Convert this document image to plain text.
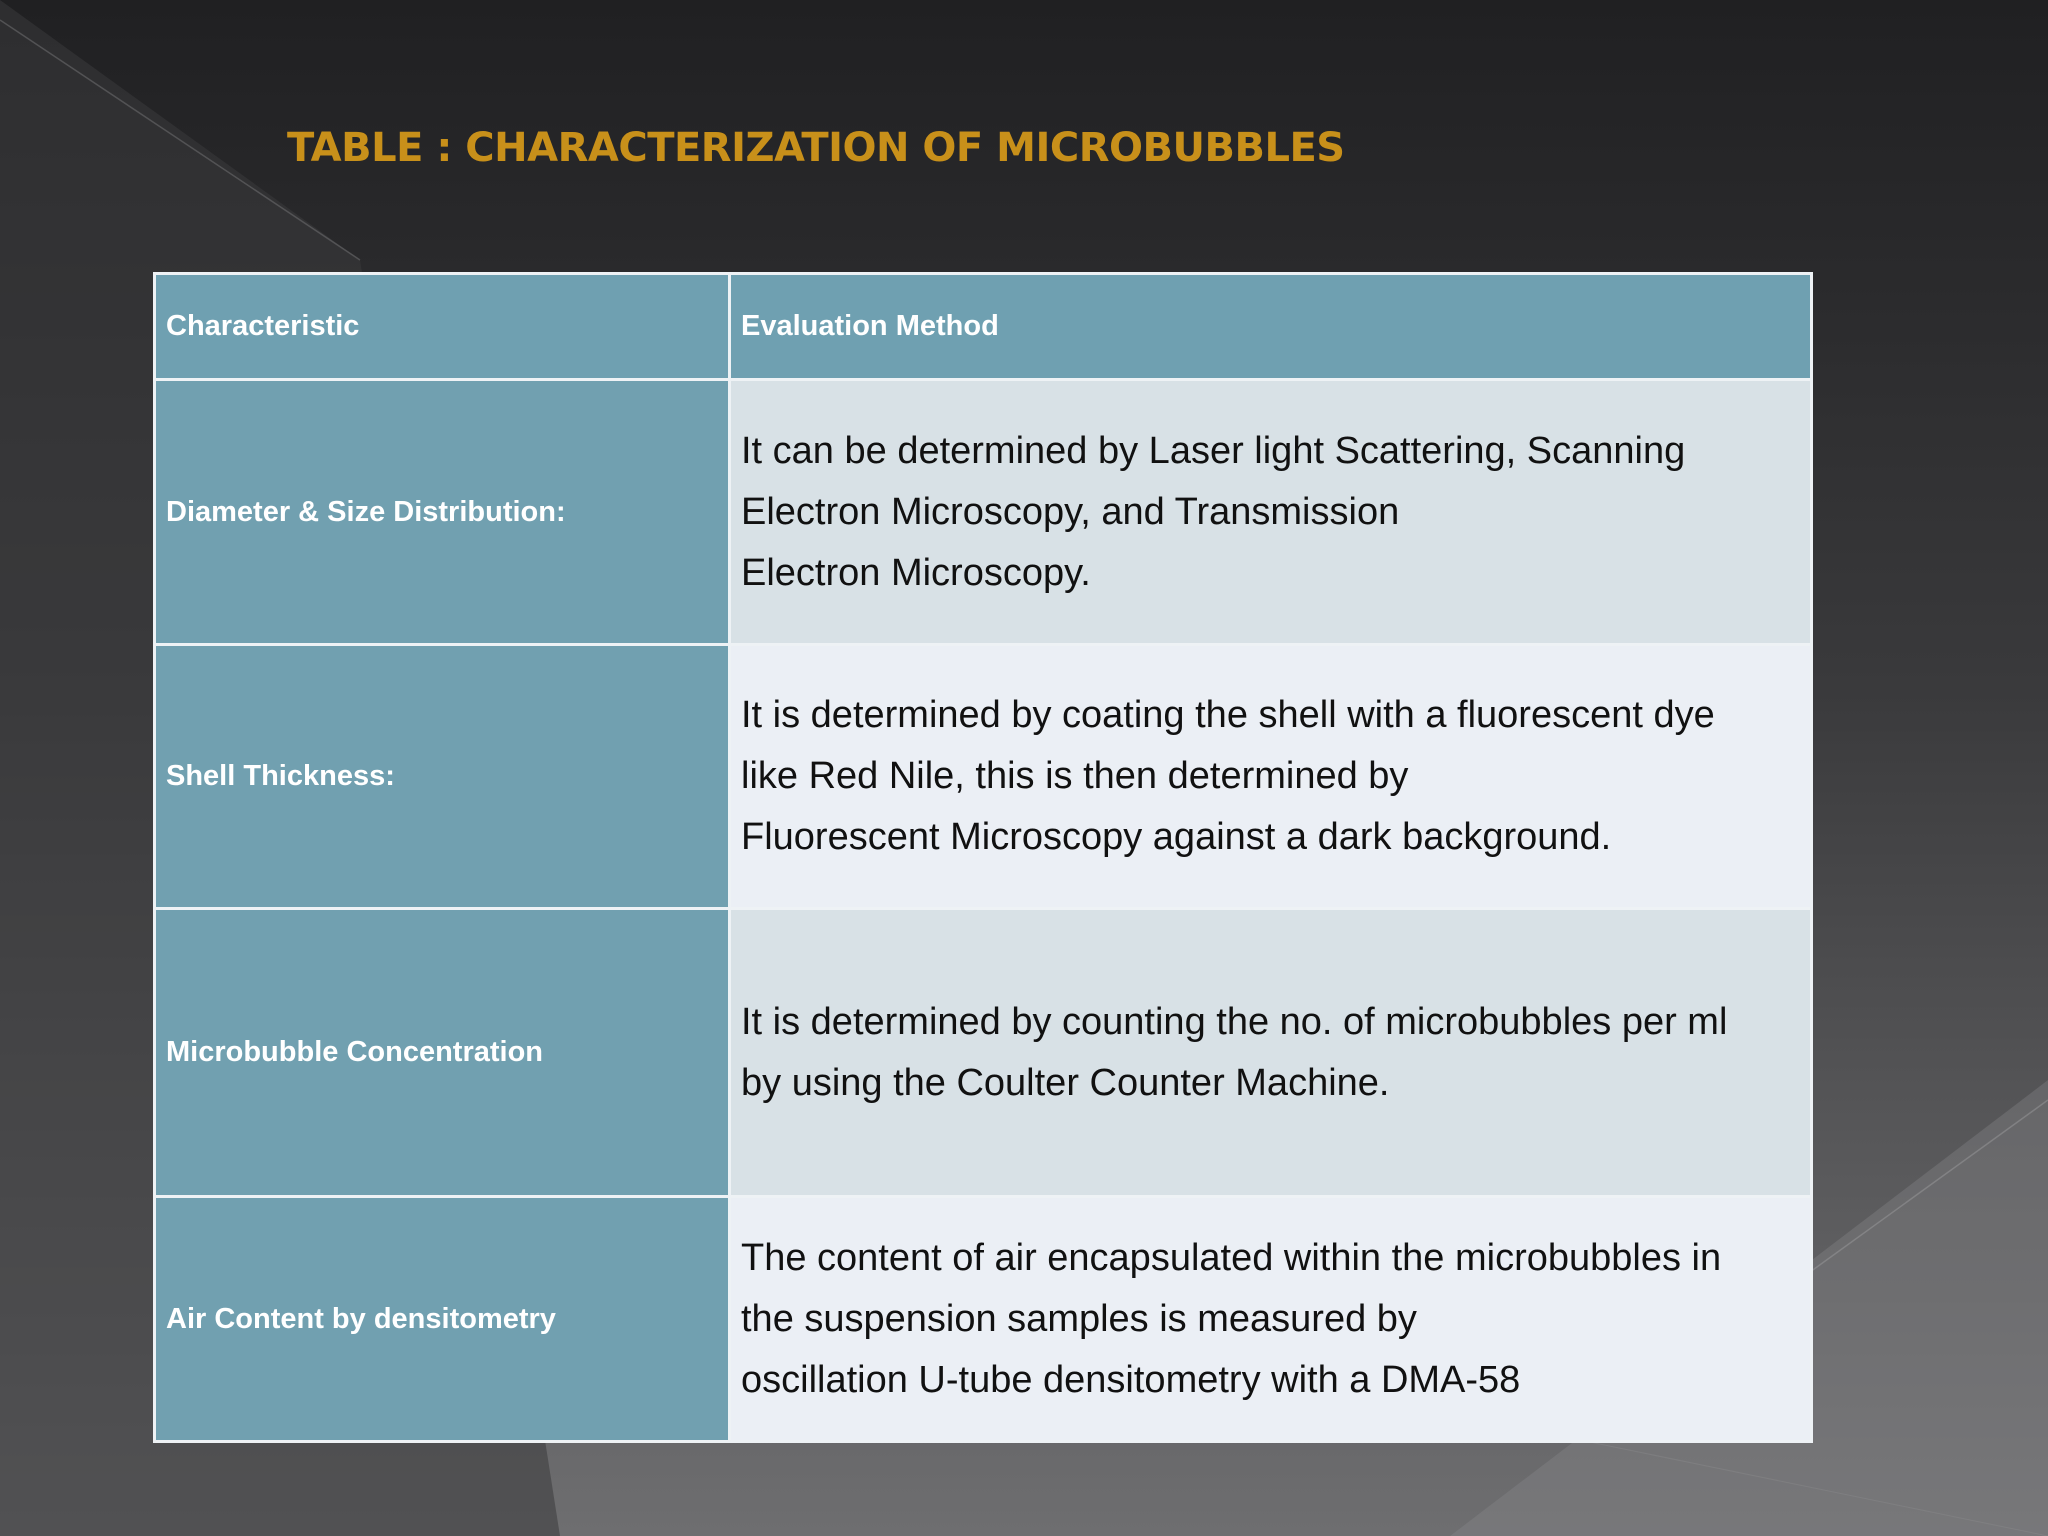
TABLE : CHARACTERIZATION OF MICROBUBBLES
Characteristic	Evaluation Method
Diameter & Size Distribution:	It can be determined by Laser light Scattering, Scanning
Electron Microscopy, and Transmission
Electron Microscopy.

Shell Thickness:	It is determined by coating the shell with a fluorescent dye
like Red Nile, this is then determined by
Fluorescent Microscopy against a dark background.

Microbubble Concentration	It is determined by counting the no. of microbubbles per ml
by using the Coulter Counter Machine.

Air Content by densitometry	The content of air encapsulated within the microbubbles in
the suspension samples is measured by
oscillation U-tube densitometry with a DMA-58
